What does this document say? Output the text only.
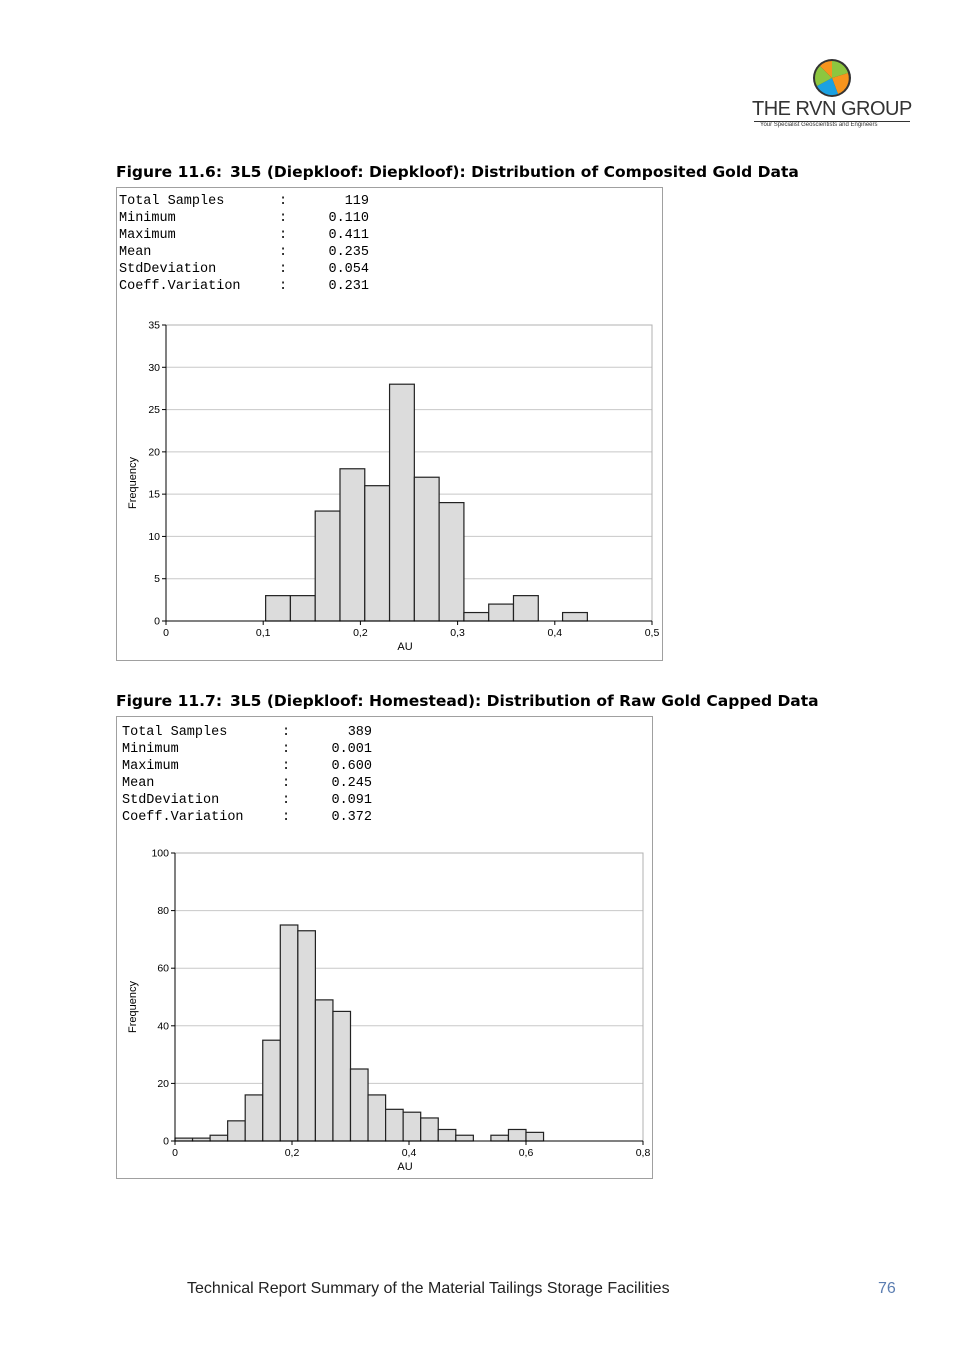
THE RVN GROUP
Your Specialist Geoscientists and Engineers
Figure 11.6: 3L5 (Diepkloof: Diepkloof): Distribution of Composited Gold Data
Total Samples	:	119
Minimum	:	0.110
Maximum	:	0.411
Mean	:	0.235
StdDeviation	:	0.054
Coeff.Variation	:	0.231
0
5
10
15
20
25
30
35
0	0,1	0,2	0,3	0,4	0,5
AU
Frequency
Figure 11.7: 3L5 (Diepkloof: Homestead): Distribution of Raw Gold Capped Data
Total Samples	:	389
Minimum	:	0.001
Maximum	:	0.600
Mean	:	0.245
StdDeviation	:	0.091
Coeff.Variation	:	0.372
0
20
40
60
80
100
0	0,2	0,4	0,6	0,8
AU
Frequency
Technical Report Summary of the Material Tailings Storage Facilities	76
